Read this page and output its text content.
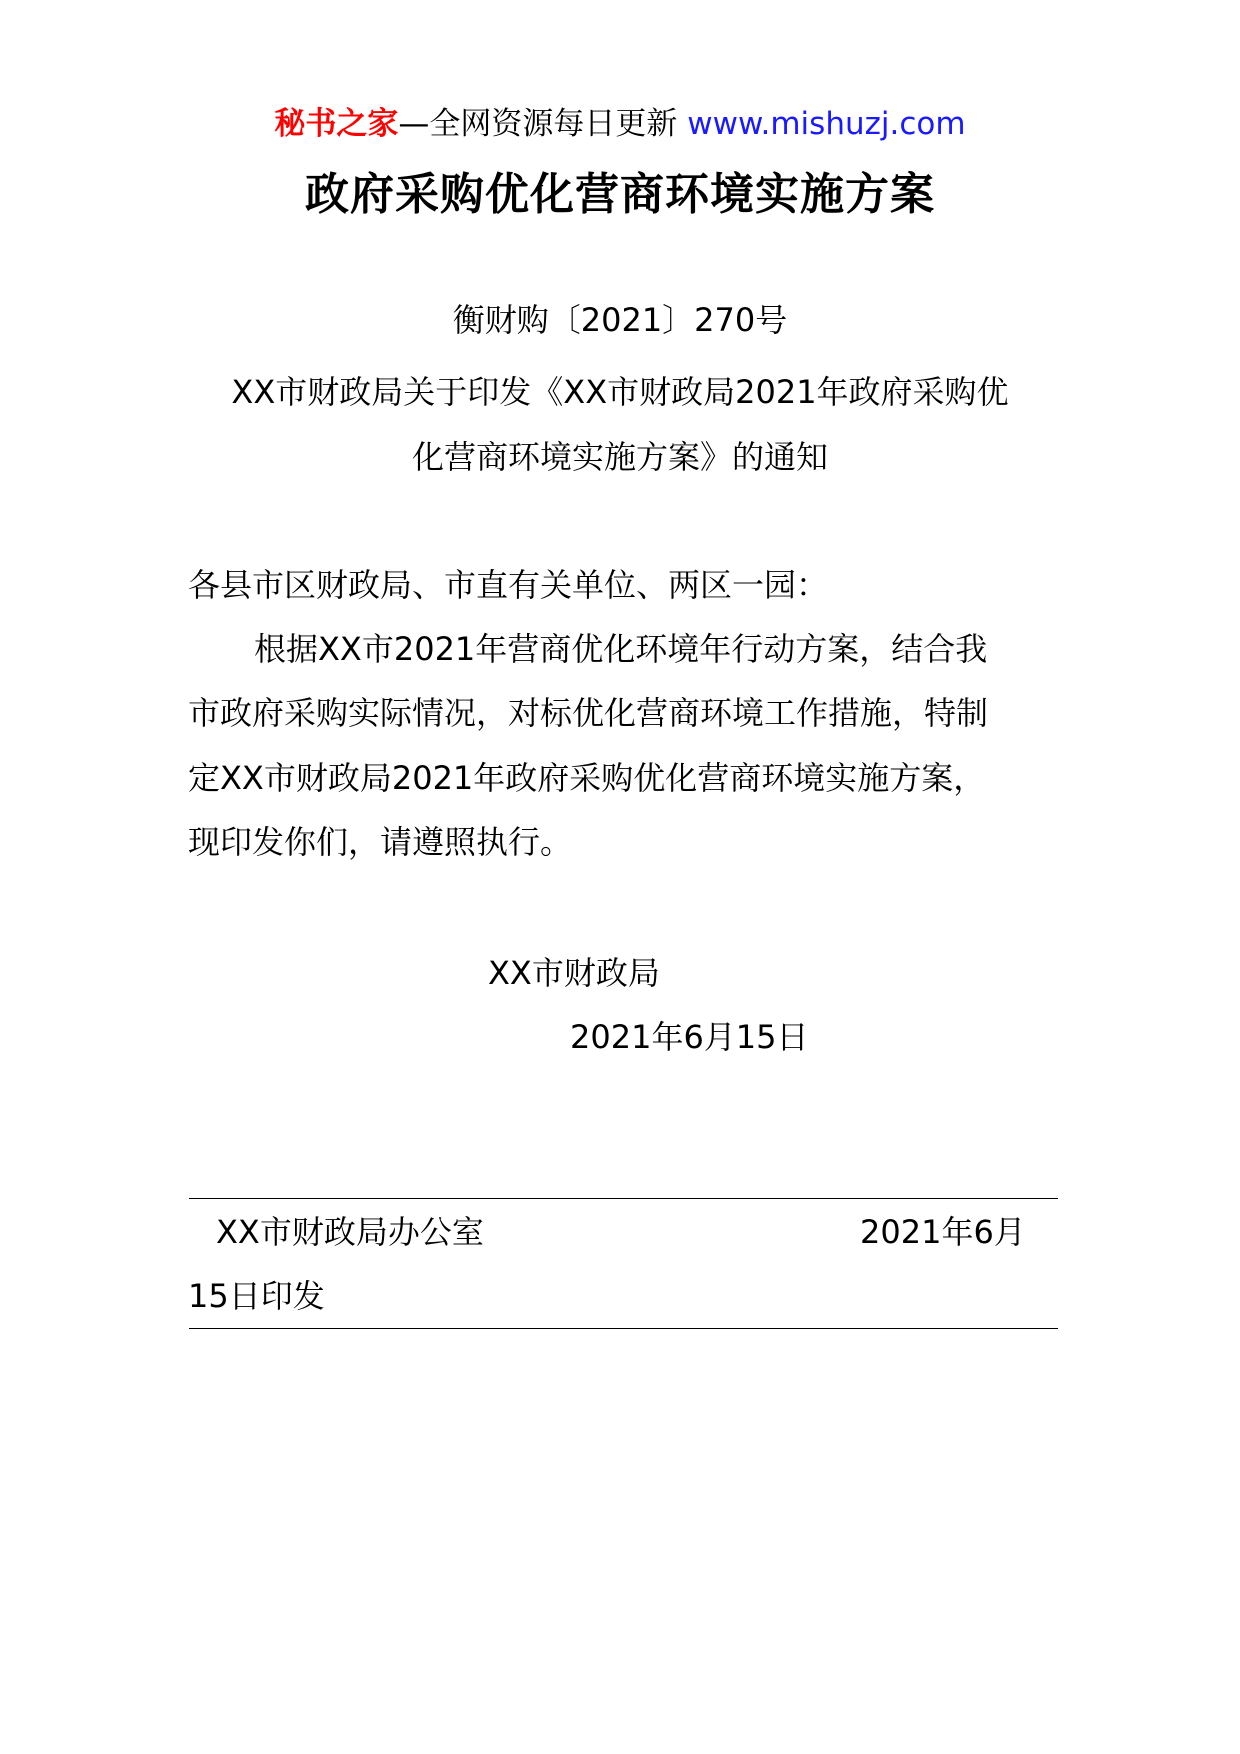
秘书之家—全网资源每日更新 www.mishuzj.com
政府采购优化营商环境实施方案
衡财购〔2021〕270号
XX市财政局关于印发《XX市财政局2021年政府采购优
化营商环境实施方案》的通知
各县市区财政局、市直有关单位、两区一园：
根据XX市2021年营商优化环境年行动方案，结合我
市政府采购实际情况，对标优化营商环境工作措施，特制
定XX市财政局2021年政府采购优化营商环境实施方案，
现印发你们，请遵照执行。
XX市财政局
2021年6月15日
XX市财政局办公室	2021年6月
15日印发
